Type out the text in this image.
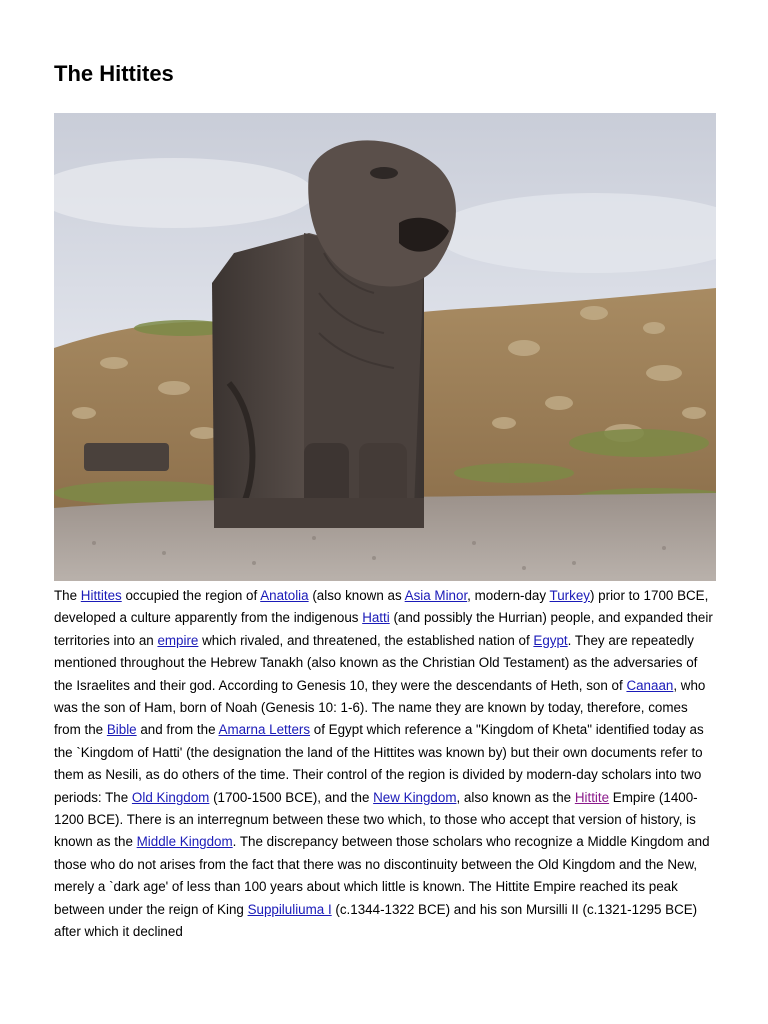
The Hittites

The Hittites occupied the region of Anatolia (also known as Asia Minor, modern-day Turkey) prior to 1700 BCE, developed a culture apparently from the indigenous Hatti (and possibly the Hurrian) people, and expanded their territories into an empire which rivaled, and threatened, the established nation of Egypt. They are repeatedly mentioned throughout the Hebrew Tanakh (also known as the Christian Old Testament) as the adversaries of the Israelites and their god. According to Genesis 10, they were the descendants of Heth, son of Canaan, who was the son of Ham, born of Noah (Genesis 10: 1-6). The name they are known by today, therefore, comes from the Bible and from the Amarna Letters of Egypt which reference a "Kingdom of Kheta" identified today as the `Kingdom of Hatti' (the designation the land of the Hittites was known by) but their own documents refer to them as Nesili, as do others of the time. Their control of the region is divided by modern-day scholars into two periods: The Old Kingdom (1700-1500 BCE), and the New Kingdom, also known as the Hittite Empire (1400-1200 BCE). There is an interregnum between these two which, to those who accept that version of history, is known as the Middle Kingdom. The discrepancy between those scholars who recognize a Middle Kingdom and those who do not arises from the fact that there was no discontinuity between the Old Kingdom and the New, merely a `dark age' of less than 100 years about which little is known. The Hittite Empire reached its peak between under the reign of King Suppiluliuma I (c.1344-1322 BCE) and his son Mursilli II (c.1321-1295 BCE) after which it declined
